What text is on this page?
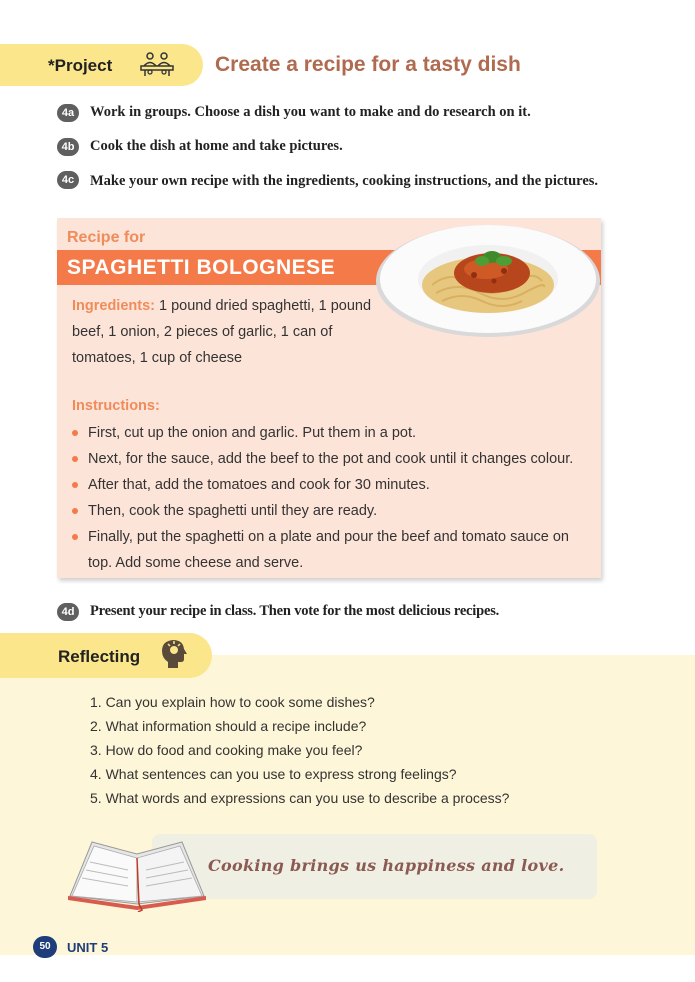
*Project	Create a recipe for a tasty dish
4a	Work in groups. Choose a dish you want to make and do research on it.
4b	Cook the dish at home and take pictures.
4c	Make your own recipe with the ingredients, cooking instructions, and the pictures.
Recipe for
SPAGHETTI BOLOGNESE
Ingredients: 1 pound dried spaghetti, 1 pound beef, 1 onion, 2 pieces of garlic, 1 can of tomatoes, 1 cup of cheese
Instructions:
First, cut up the onion and garlic. Put them in a pot.
Next, for the sauce, add the beef to the pot and cook until it changes colour.
After that, add the tomatoes and cook for 30 minutes.
Then, cook the spaghetti until they are ready.
Finally, put the spaghetti on a plate and pour the beef and tomato sauce on top. Add some cheese and serve.
4d	Present your recipe in class. Then vote for the most delicious recipes.
Reflecting
1. Can you explain how to cook some dishes?
2. What information should a recipe include?
3. How do food and cooking make you feel?
4. What sentences can you use to express strong feelings?
5. What words and expressions can you use to describe a process?
Cooking brings us happiness and love.
50	UNIT 5
